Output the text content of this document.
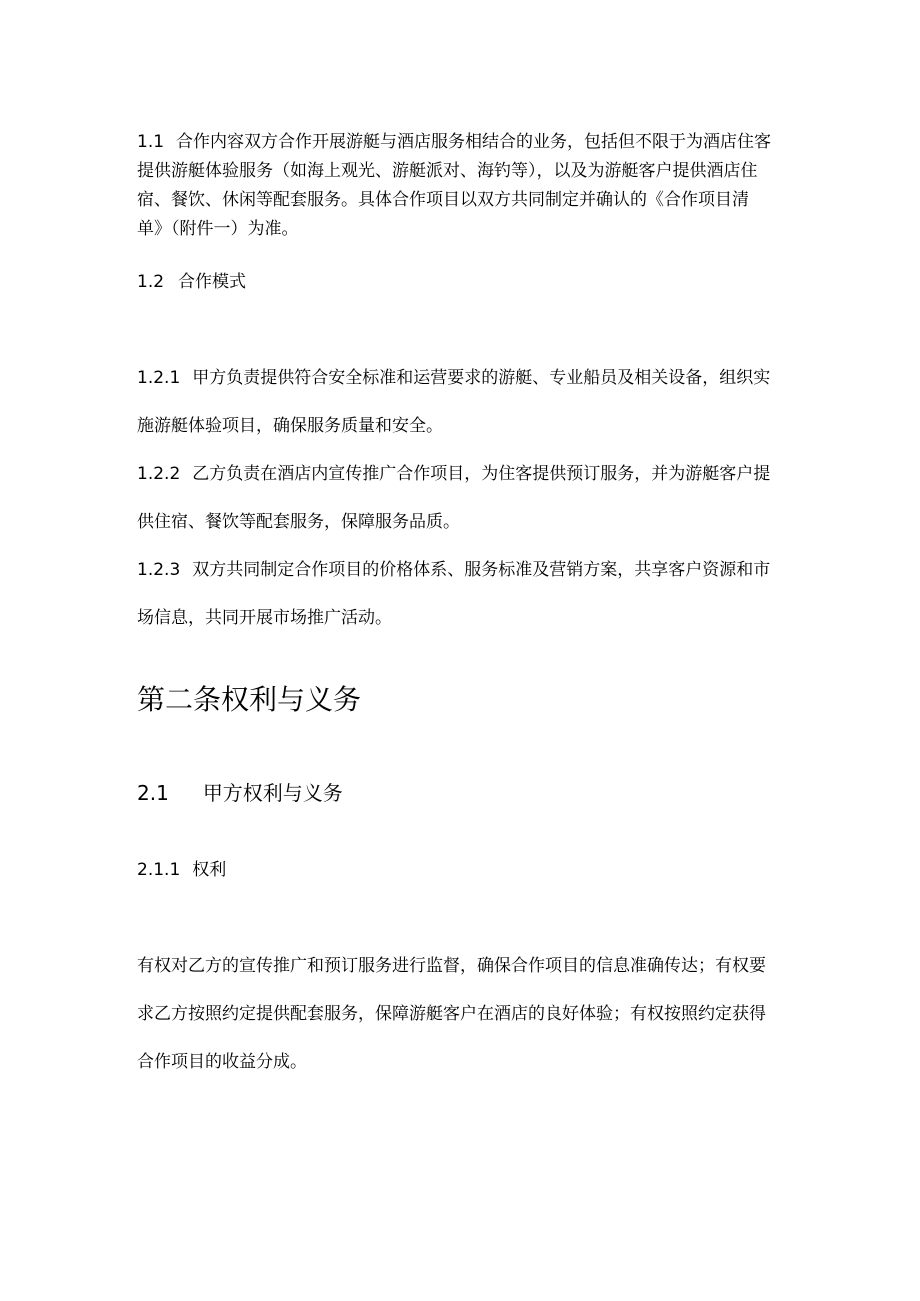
1.1 合作内容双方合作开展游艇与酒店服务相结合的业务，包括但不限于为酒店住客
提供游艇体验服务（如海上观光、游艇派对、海钓等），以及为游艇客户提供酒店住
宿、餐饮、休闲等配套服务。具体合作项目以双方共同制定并确认的《合作项目清
单》（附件一）为准。

1.2 合作模式

1.2.1 甲方负责提供符合安全标准和运营要求的游艇、专业船员及相关设备，组织实
施游艇体验项目，确保服务质量和安全。

1.2.2 乙方负责在酒店内宣传推广合作项目，为住客提供预订服务，并为游艇客户提
供住宿、餐饮等配套服务，保障服务品质。

1.2.3 双方共同制定合作项目的价格体系、服务标准及营销方案，共享客户资源和市
场信息，共同开展市场推广活动。

第二条权利与义务
2.1 甲方权利与义务

2.1.1 权利

有权对乙方的宣传推广和预订服务进行监督，确保合作项目的信息准确传达；有权要
求乙方按照约定提供配套服务，保障游艇客户在酒店的良好体验；有权按照约定获得
合作项目的收益分成。
